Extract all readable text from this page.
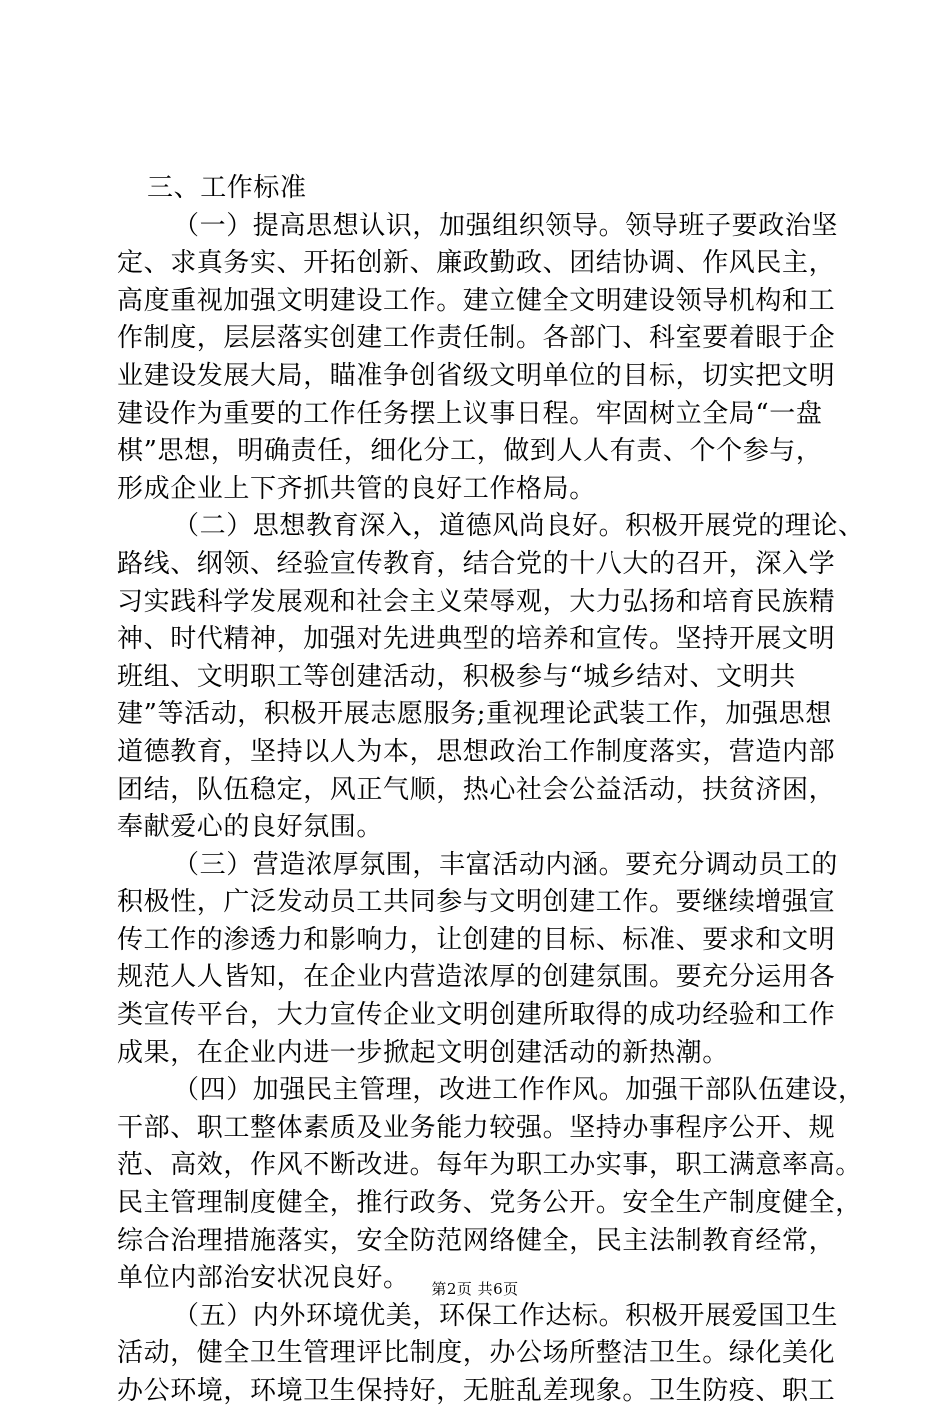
三、工作标准
（一）提高思想认识，加强组织领导。领导班子要政治坚
定、求真务实、开拓创新、廉政勤政、团结协调、作风民主，
高度重视加强文明建设工作。建立健全文明建设领导机构和工
作制度，层层落实创建工作责任制。各部门、科室要着眼于企
业建设发展大局，瞄准争创省级文明单位的目标，切实把文明
建设作为重要的工作任务摆上议事日程。牢固树立全局“一盘
棋”思想，明确责任，细化分工，做到人人有责、个个参与，
形成企业上下齐抓共管的良好工作格局。
（二）思想教育深入，道德风尚良好。积极开展党的理论、
路线、纲领、经验宣传教育，结合党的十八大的召开，深入学
习实践科学发展观和社会主义荣辱观，大力弘扬和培育民族精
神、时代精神，加强对先进典型的培养和宣传。坚持开展文明
班组、文明职工等创建活动，积极参与“城乡结对、文明共
建”等活动，积极开展志愿服务;重视理论武装工作，加强思想
道德教育，坚持以人为本，思想政治工作制度落实，营造内部
团结，队伍稳定，风正气顺，热心社会公益活动，扶贫济困，
奉献爱心的良好氛围。
（三）营造浓厚氛围，丰富活动内涵。要充分调动员工的
积极性，广泛发动员工共同参与文明创建工作。要继续增强宣
传工作的渗透力和影响力，让创建的目标、标准、要求和文明
规范人人皆知，在企业内营造浓厚的创建氛围。要充分运用各
类宣传平台，大力宣传企业文明创建所取得的成功经验和工作
成果，在企业内进一步掀起文明创建活动的新热潮。
（四）加强民主管理，改进工作作风。加强干部队伍建设，
干部、职工整体素质及业务能力较强。坚持办事程序公开、规
范、高效，作风不断改进。每年为职工办实事，职工满意率高。
民主管理制度健全，推行政务、党务公开。安全生产制度健全，
综合治理措施落实，安全防范网络健全，民主法制教育经常，
单位内部治安状况良好。
（五）内外环境优美，环保工作达标。积极开展爱国卫生
活动，健全卫生管理评比制度，办公场所整洁卫生。绿化美化
办公环境，环境卫生保持好，无脏乱差现象。卫生防疫、职工
第2页 共6页
